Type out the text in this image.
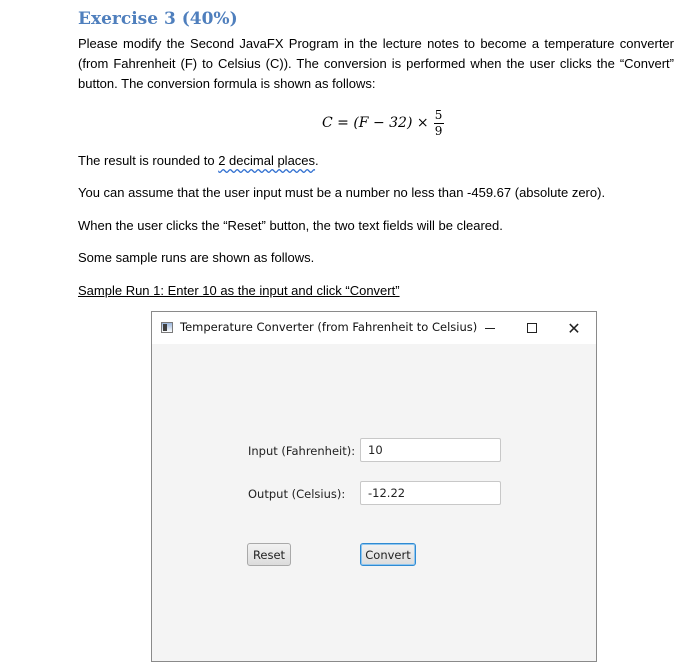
Exercise 3 (40%)
Please modify the Second JavaFX Program in the lecture notes to become a temperature converter (from Fahrenheit (F) to Celsius (C)). The conversion is performed when the user clicks the “Convert” button. The conversion formula is shown as follows:
$C = (F - 32) \times \frac{5}{9}$
The result is rounded to 2 decimal places.
You can assume that the user input must be a number no less than -459.67 (absolute zero).
When the user clicks the “Reset” button, the two text fields will be cleared.
Some sample runs are shown as follows.
Sample Run 1: Enter 10 as the input and click “Convert”
Temperature Converter (from Fahrenheit to Celsius)	✕
Input (Fahrenheit):	10
Output (Celsius):	-12.22
Reset	Convert
